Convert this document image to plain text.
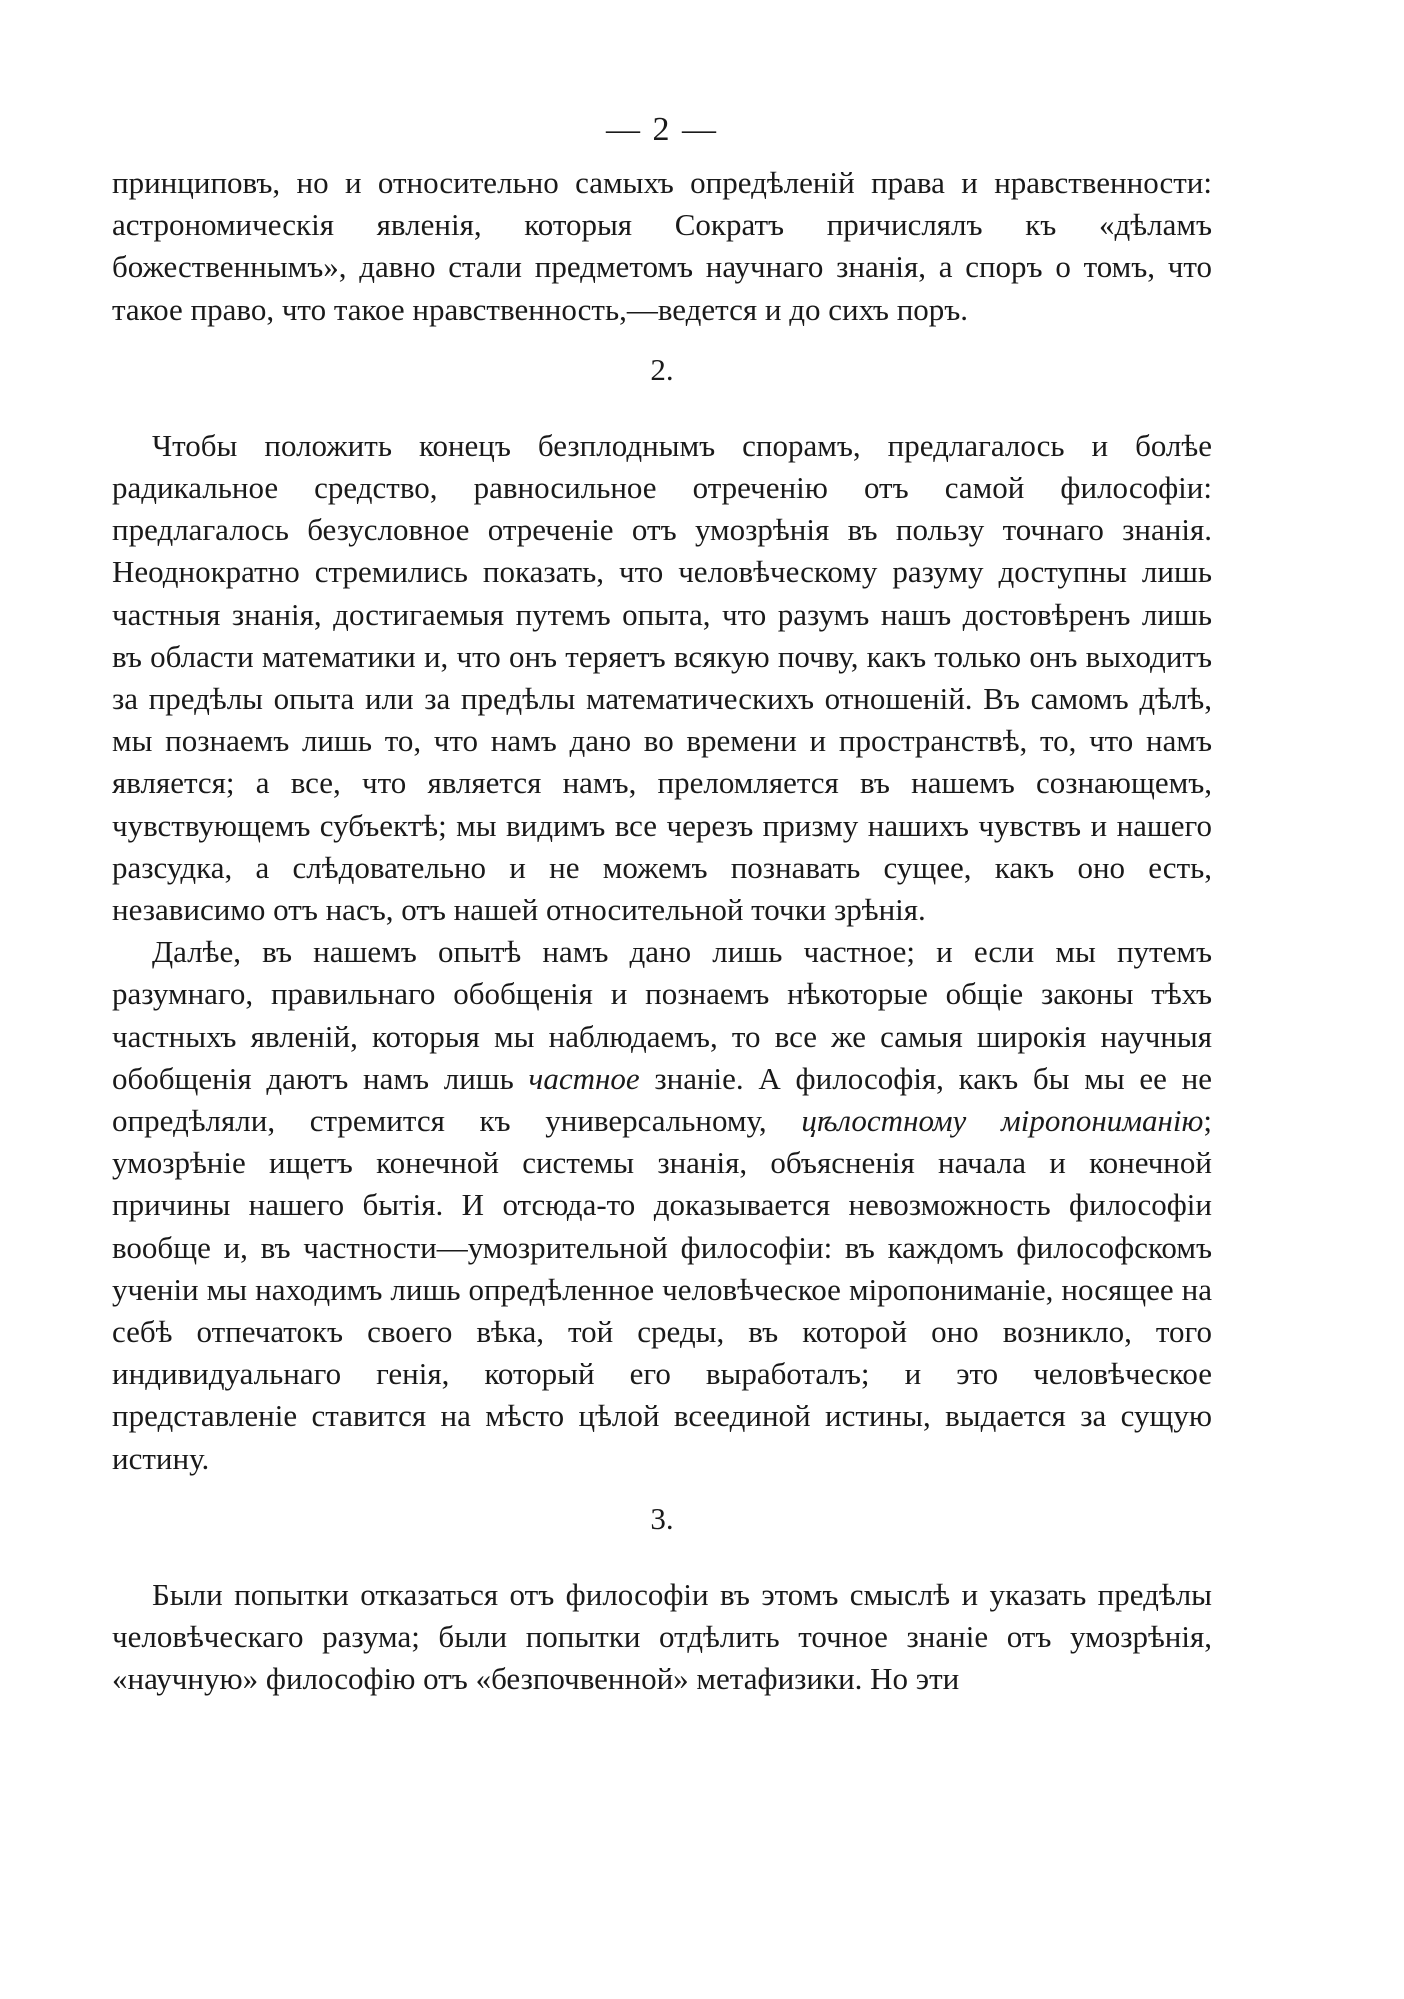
— 2 —

принциповъ, но и относительно самыхъ опредѣленій права и нравственности: астрономическія явленія, которыя Сократъ причислялъ къ «дѣламъ божественнымъ», давно стали предметомъ научнаго знанія, а споръ о томъ, что такое право, что такое нравственность,—ведется и до сихъ поръ.

2.

Чтобы положить конецъ безплоднымъ спорамъ, предлагалось и болѣе радикальное средство, равносильное отреченію отъ самой философіи: предлагалось безусловное отреченіе отъ умозрѣнія въ пользу точнаго знанія. Неоднократно стремились показать, что человѣческому разуму доступны лишь частныя знанія, достигаемыя путемъ опыта, что разумъ нашъ достовѣренъ лишь въ области математики и, что онъ теряетъ всякую почву, какъ только онъ выходитъ за предѣлы опыта или за предѣлы математическихъ отношеній. Въ самомъ дѣлѣ, мы познаемъ лишь то, что намъ дано во времени и пространствѣ, то, что намъ является; а все, что является намъ, преломляется въ нашемъ сознающемъ, чувствующемъ субъектѣ; мы видимъ все черезъ призму нашихъ чувствъ и нашего разсудка, а слѣдовательно и не можемъ познавать сущее, какъ оно есть, независимо отъ насъ, отъ нашей относительной точки зрѣнія.

Далѣе, въ нашемъ опытѣ намъ дано лишь частное; и если мы путемъ разумнаго, правильнаго обобщенія и познаемъ нѣкоторые общіе законы тѣхъ частныхъ явленій, которыя мы наблюдаемъ, то все же самыя широкія научныя обобщенія даютъ намъ лишь частное знаніе. А философія, какъ бы мы ее не опредѣляли, стремится къ универсальному, цѣлостному міропониманію; умозрѣніе ищетъ конечной системы знанія, объясненія начала и конечной причины нашего бытія. И отсюда-то доказывается невозможность философіи вообще и, въ частности—умозрительной философіи: въ каждомъ философскомъ ученіи мы находимъ лишь опредѣленное человѣческое міропониманіе, носящее на себѣ отпечатокъ своего вѣка, той среды, въ которой оно возникло, того индивидуальнаго генія, который его выработалъ; и это человѣческое представленіе ставится на мѣсто цѣлой всеединой истины, выдается за сущую истину.

3.

Были попытки отказаться отъ философіи въ этомъ смыслѣ и указать предѣлы человѣческаго разума; были попытки отдѣлить точное знаніе отъ умозрѣнія, «научную» философію отъ «безпочвенной» метафизики. Но эти
